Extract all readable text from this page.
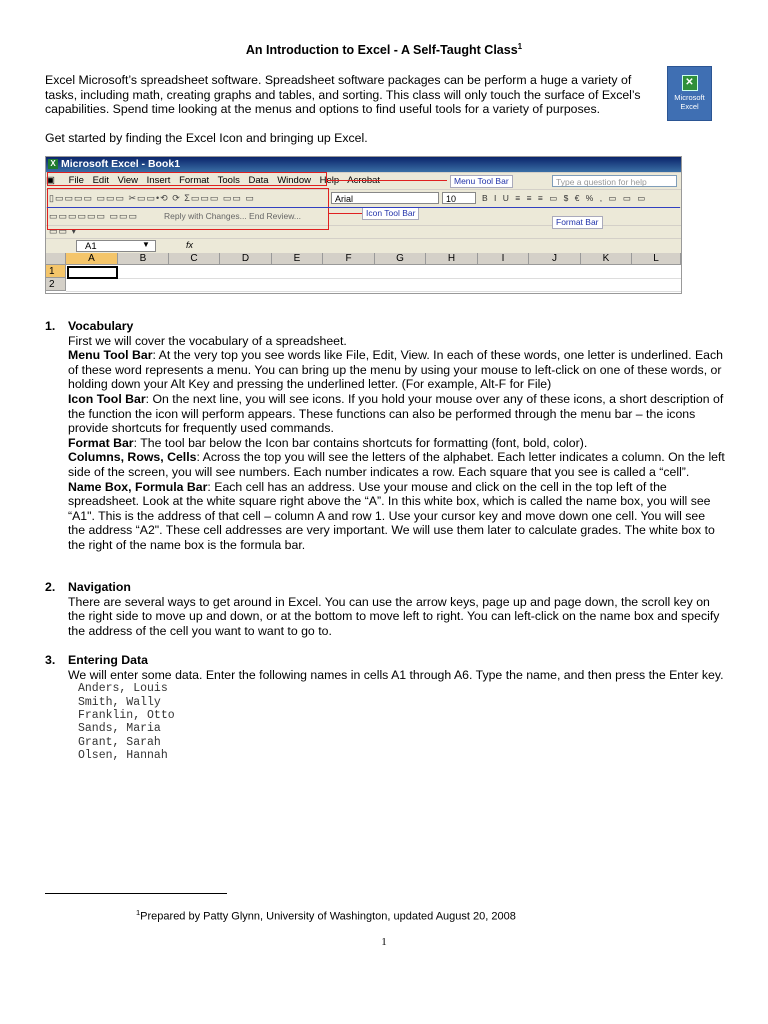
An Introduction to Excel - A Self-Taught Class$^1$
Excel Microsoft’s spreadsheet software. Spreadsheet software packages can be perform a huge a variety of tasks, including math, creating graphs and tables, and sorting. This class will only touch the surface of Excel’s capabilities. Spend time looking at the menus and options to find useful tools for a variety of purposes.
✕
Microsoft
Excel
Get started by finding the Excel Icon and bringing up Excel.
X Microsoft Excel - Book1
▣ File Edit View Insert Format Tools Data Window Help Acrobat	Type a question for help
▯▭▭▭▭ ▭▭▭ ✂▭▭•⟲ ⟳ Σ▭▭▭ ▭▭ ▭	Arial	10	B I U ≡ ≡ ≡ ▭ $ € % , ▭ ▭ ▭
▭▭▭▭▭▭ ▭▭▭	Reply with Changes... End Review...
▭▭ ▾
A1	▼	fx
A	B	C	D	E	F	G	H	I	J	K	L
1
2
Menu Tool Bar
Icon Tool Bar
Format Bar
1. Vocabulary
First we will cover the vocabulary of a spreadsheet.
Menu Tool Bar: At the very top you see words like File, Edit, View. In each of these words, one letter is underlined. Each of these word represents a menu. You can bring up the menu by using your mouse to left-click on one of these words, or holding down your Alt Key and pressing the underlined letter. (For example, Alt-F for File)
Icon Tool Bar: On the next line, you will see icons. If you hold your mouse over any of these icons, a short description of the function the icon will perform appears. These functions can also be performed through the menu bar – the icons provide shortcuts for frequently used commands.
Format Bar: The tool bar below the Icon bar contains shortcuts for formatting (font, bold, color).
Columns, Rows, Cells: Across the top you will see the letters of the alphabet. Each letter indicates a column. On the left side of the screen, you will see numbers. Each number indicates a row. Each square that you see is called a “cell”.
Name Box, Formula Bar: Each cell has an address. Use your mouse and click on the cell in the top left of the spreadsheet. Look at the white square right above the “A”. In this white box, which is called the name box, you will see “A1". This is the address of that cell – column A and row 1. Use your cursor key and move down one cell. You will see the address “A2". These cell addresses are very important. We will use them later to calculate grades. The white box to the right of the name box is the formula bar.
2. Navigation
There are several ways to get around in Excel. You can use the arrow keys, page up and page down, the scroll key on the right side to move up and down, or at the bottom to move left to right. You can left-click on the name box and specify the address of the cell you want to want to go to.
3. Entering Data
We will enter some data. Enter the following names in cells A1 through A6. Type the name, and then press the Enter key.
Anders, Louis
Smith, Wally
Franklin, Otto
Sands, Maria
Grant, Sarah
Olsen, Hannah
$^1$Prepared by Patty Glynn, University of Washington, updated August 20, 2008
1
